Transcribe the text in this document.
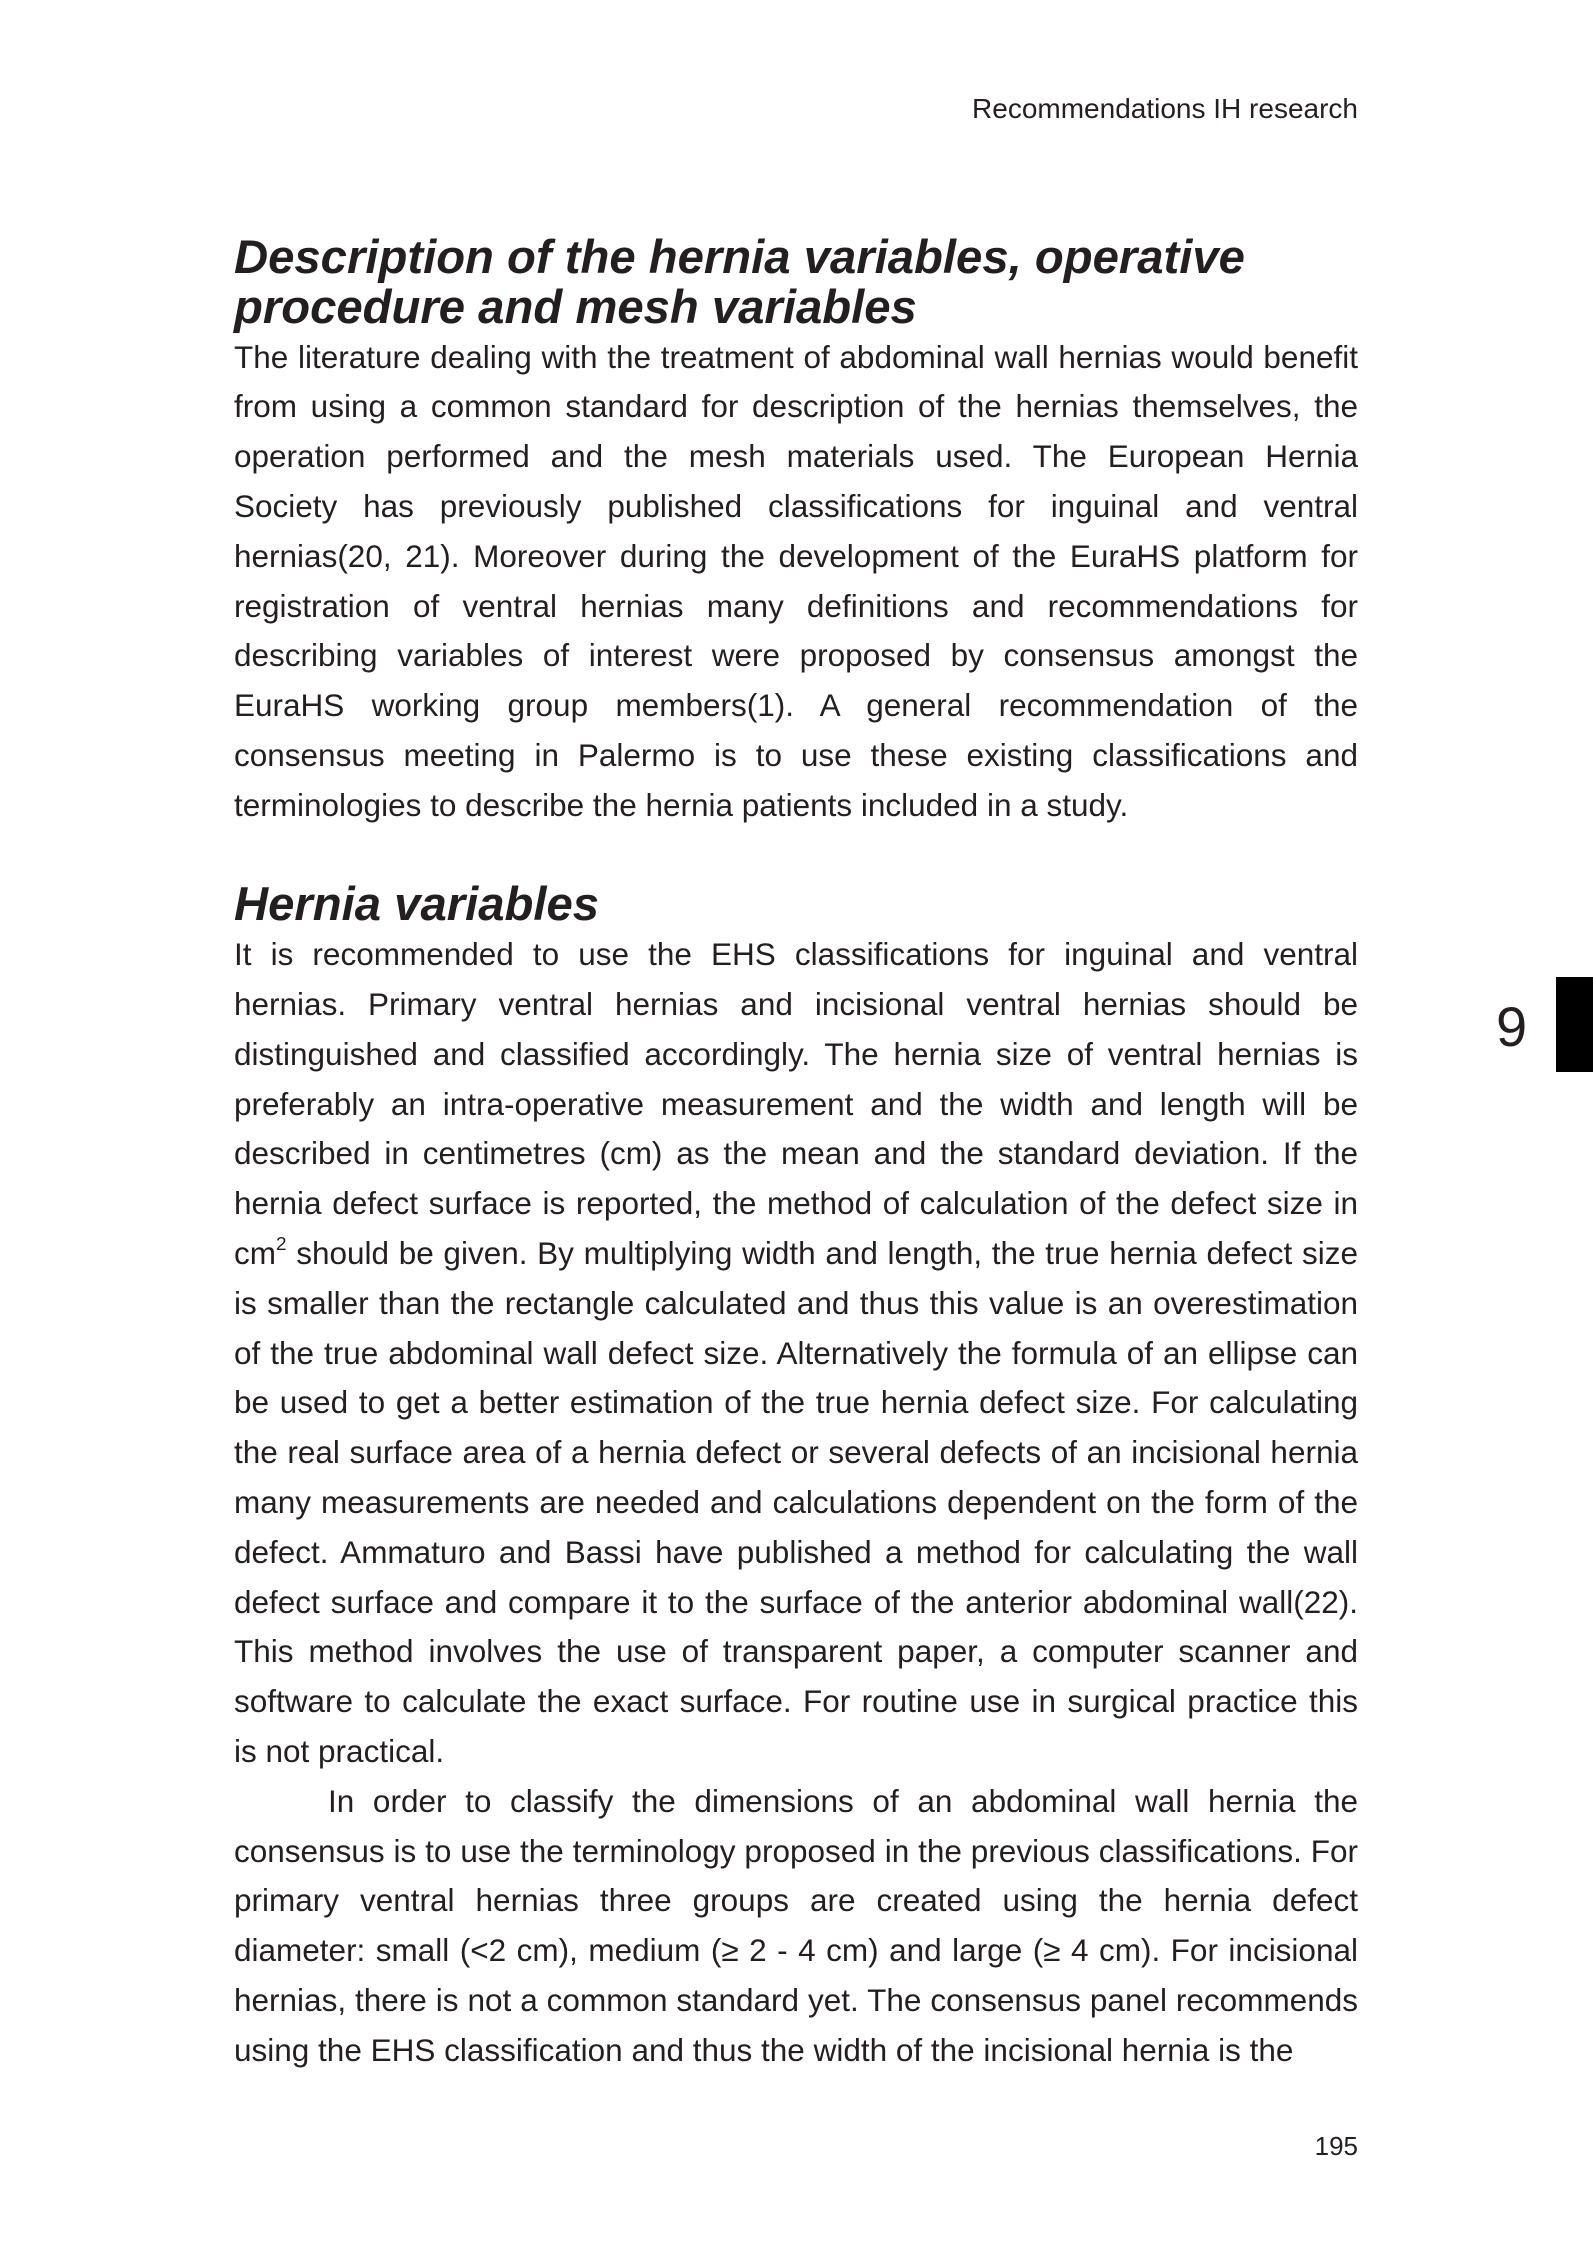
Recommendations IH research
Description of the hernia variables, operative procedure and mesh variables

The literature dealing with the treatment of abdominal wall hernias would benefit from using a common standard for description of the hernias themselves, the operation performed and the mesh materials used. The European Hernia Society has previously published classifications for inguinal and ventral hernias(20, 21). Moreover during the development of the EuraHS platform for registration of ventral hernias many definitions and recommendations for describing variables of interest were proposed by consensus amongst the EuraHS working group members(1). A general recommendation of the consensus meeting in Palermo is to use these existing classifications and terminologies to describe the hernia patients included in a study.

Hernia variables

It is recommended to use the EHS classifications for inguinal and ventral hernias. Primary ventral hernias and incisional ventral hernias should be distinguished and classified accordingly. The hernia size of ventral hernias is preferably an intra-operative measurement and the width and length will be described in centimetres (cm) as the mean and the standard deviation. If the hernia defect surface is reported, the method of calculation of the defect size in $cm^2$ should be given. By multiplying width and length, the true hernia defect size is smaller than the rectangle calculated and thus this value is an overestimation of the true abdominal wall defect size. Alternatively the formula of an ellipse can be used to get a better estimation of the true hernia defect size. For calculating the real surface area of a hernia defect or several defects of an incisional hernia many measurements are needed and calculations dependent on the form of the defect. Ammaturo and Bassi have published a method for calculating the wall defect surface and compare it to the surface of the anterior abdominal wall(22). This method involves the use of transparent paper, a computer scanner and software to calculate the exact surface. For routine use in surgical practice this is not practical.

In order to classify the dimensions of an abdominal wall hernia the consensus is to use the terminology proposed in the previous classifications. For primary ventral hernias three groups are created using the hernia defect diameter: small (<2 cm), medium (≥ 2 - 4 cm) and large (≥ 4 cm). For incisional hernias, there is not a common standard yet. The consensus panel recommends using the EHS classification and thus the width of the incisional hernia is the

9
195
